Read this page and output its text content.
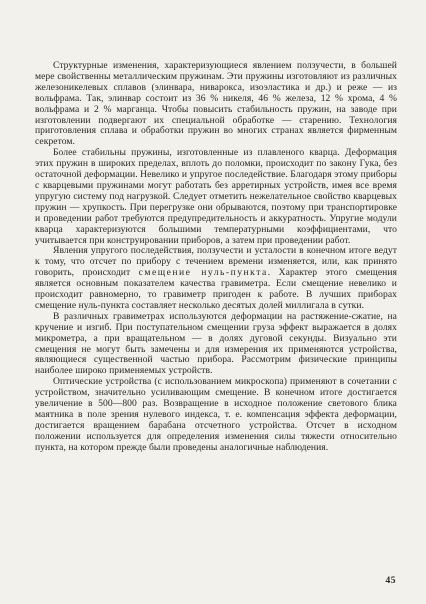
Структурные изменения, характеризующиеся явлением ползучести, в большей мере свойственны металлическим пружинам. Эти пружины изготовляют из различных железоникелевых сплавов (элинвара, ниварокса, изоэластика и др.) и реже — из вольфрама. Так, элинвар состоит из 36 % никеля, 46 % железа, 12 % хрома, 4 % вольфрама и 2 % марганца. Чтобы повысить стабильность пружин, на заводе при изготовлении подвергают их специальной обработке — старению. Технология приготовления сплава и обработки пружин во многих странах является фирменным секретом.

Более стабильны пружины, изготовленные из плавленого кварца. Деформация этих пружин в широких пределах, вплоть до поломки, происходит по закону Гука, без остаточной деформации. Невелико и упругое последействие. Благодаря этому приборы с кварцевыми пружинами могут работать без арретирных устройств, имея все время упругую систему под нагрузкой. Следует отметить нежелательное свойство кварцевых пружин — хрупкость. При перегрузке они обрываются, поэтому при транспортировке и проведении работ требуются предупредительность и аккуратность. Упругие модули кварца характеризуются большими температурными коэффициентами, что учитывается при конструировании приборов, а затем при проведении работ.

Явления упругого последействия, ползучести и усталости в конечном итоге ведут к тому, что отсчет по прибору с течением времени изменяется, или, как принято говорить, происходит смещение нуль-пункта. Характер этого смещения является основным показателем качества гравиметра. Если смещение невелико и происходит равномерно, то гравиметр пригоден к работе. В лучших приборах смещение нуль-пункта составляет несколько десятых долей миллигала в сутки.

В различных гравиметрах используются деформации на растяжение-сжатие, на кручение и изгиб. При поступательном смещении груза эффект выражается в долях микрометра, а при вращательном — в долях дуговой секунды. Визуально эти смещения не могут быть замечены и для измерения их применяются устройства, являющиеся существенной частью прибора. Рассмотрим физические принципы наиболее широко применяемых устройств.

Оптические устройства (с использованием микроскопа) применяют в сочетании с устройством, значительно усиливающим смещение. В конечном итоге достигается увеличение в 500—800 раз. Возвращение в исходное положение светового блика маятника в поле зрения нулевого индекса, т. е. компенсация эффекта деформации, достигается вращением барабана отсчетного устройства. Отсчет в исходном положении используется для определения изменения силы тяжести относительно пункта, на котором прежде были проведены аналогичные наблюдения.

45
